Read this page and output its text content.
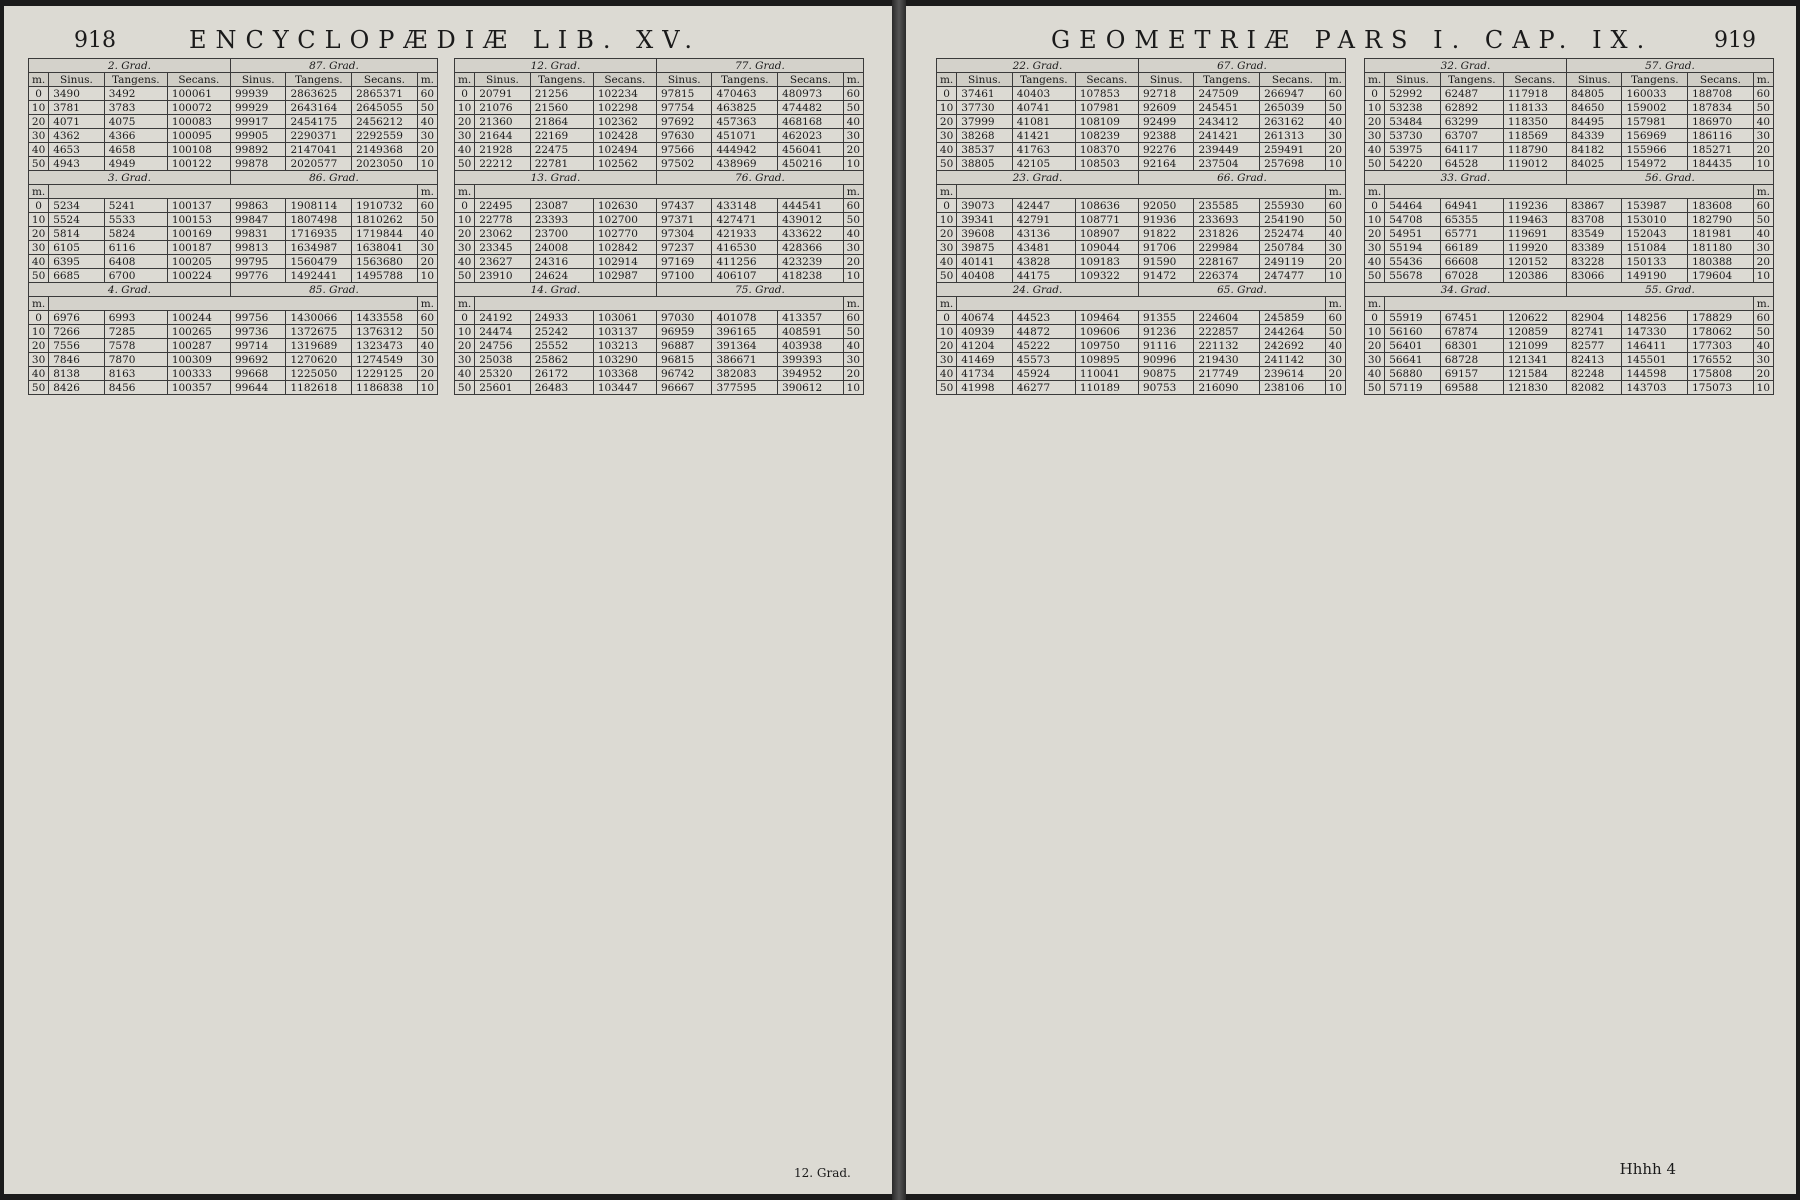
918	ENCYCLOPÆDIÆ LIB. XV.
2. Grad.				87. Grad.			
m.	Sinus.	Tangens.	Secans.	Sinus.	Tangens.	Secans.	m.
0	3490	3492	100061	99939	2863625	2865371	60
10	3781	3783	100072	99929	2643164	2645055	50
20	4071	4075	100083	99917	2454175	2456212	40
30	4362	4366	100095	99905	2290371	2292559	30
40	4653	4658	100108	99892	2147041	2149368	20
50	4943	4949	100122	99878	2020577	2023050	10
3. Grad.				86. Grad.			
m.							m.
0	5234	5241	100137	99863	1908114	1910732	60
10	5524	5533	100153	99847	1807498	1810262	50
20	5814	5824	100169	99831	1716935	1719844	40
30	6105	6116	100187	99813	1634987	1638041	30
40	6395	6408	100205	99795	1560479	1563680	20
50	6685	6700	100224	99776	1492441	1495788	10
4. Grad.				85. Grad.			
m.							m.
0	6976	6993	100244	99756	1430066	1433558	60
10	7266	7285	100265	99736	1372675	1376312	50
20	7556	7578	100287	99714	1319689	1323473	40
30	7846	7870	100309	99692	1270620	1274549	30
40	8138	8163	100333	99668	1225050	1229125	20
50	8426	8456	100357	99644	1182618	1186838	10
12. Grad.				77. Grad.			
m.	Sinus.	Tangens.	Secans.	Sinus.	Tangens.	Secans.	m.
0	20791	21256	102234	97815	470463	480973	60
10	21076	21560	102298	97754	463825	474482	50
20	21360	21864	102362	97692	457363	468168	40
30	21644	22169	102428	97630	451071	462023	30
40	21928	22475	102494	97566	444942	456041	20
50	22212	22781	102562	97502	438969	450216	10
13. Grad.				76. Grad.			
m.							m.
0	22495	23087	102630	97437	433148	444541	60
10	22778	23393	102700	97371	427471	439012	50
20	23062	23700	102770	97304	421933	433622	40
30	23345	24008	102842	97237	416530	428366	30
40	23627	24316	102914	97169	411256	423239	20
50	23910	24624	102987	97100	406107	418238	10
14. Grad.				75. Grad.			
m.							m.
0	24192	24933	103061	97030	401078	413357	60
10	24474	25242	103137	96959	396165	408591	50
20	24756	25552	103213	96887	391364	403938	40
30	25038	25862	103290	96815	386671	399393	30
40	25320	26172	103368	96742	382083	394952	20
50	25601	26483	103447	96667	377595	390612	10
12. Grad.
GEOMETRIÆ PARS I. CAP. IX.	919
22. Grad.				67. Grad.			
m.	Sinus.	Tangens.	Secans.	Sinus.	Tangens.	Secans.	m.
0	37461	40403	107853	92718	247509	266947	60
10	37730	40741	107981	92609	245451	265039	50
20	37999	41081	108109	92499	243412	263162	40
30	38268	41421	108239	92388	241421	261313	30
40	38537	41763	108370	92276	239449	259491	20
50	38805	42105	108503	92164	237504	257698	10
23. Grad.				66. Grad.			
m.							m.
0	39073	42447	108636	92050	235585	255930	60
10	39341	42791	108771	91936	233693	254190	50
20	39608	43136	108907	91822	231826	252474	40
30	39875	43481	109044	91706	229984	250784	30
40	40141	43828	109183	91590	228167	249119	20
50	40408	44175	109322	91472	226374	247477	10
24. Grad.				65. Grad.			
m.							m.
0	40674	44523	109464	91355	224604	245859	60
10	40939	44872	109606	91236	222857	244264	50
20	41204	45222	109750	91116	221132	242692	40
30	41469	45573	109895	90996	219430	241142	30
40	41734	45924	110041	90875	217749	239614	20
50	41998	46277	110189	90753	216090	238106	10
32. Grad.				57. Grad.			
m.	Sinus.	Tangens.	Secans.	Sinus.	Tangens.	Secans.	m.
0	52992	62487	117918	84805	160033	188708	60
10	53238	62892	118133	84650	159002	187834	50
20	53484	63299	118350	84495	157981	186970	40
30	53730	63707	118569	84339	156969	186116	30
40	53975	64117	118790	84182	155966	185271	20
50	54220	64528	119012	84025	154972	184435	10
33. Grad.				56. Grad.			
m.							m.
0	54464	64941	119236	83867	153987	183608	60
10	54708	65355	119463	83708	153010	182790	50
20	54951	65771	119691	83549	152043	181981	40
30	55194	66189	119920	83389	151084	181180	30
40	55436	66608	120152	83228	150133	180388	20
50	55678	67028	120386	83066	149190	179604	10
34. Grad.				55. Grad.			
m.							m.
0	55919	67451	120622	82904	148256	178829	60
10	56160	67874	120859	82741	147330	178062	50
20	56401	68301	121099	82577	146411	177303	40
30	56641	68728	121341	82413	145501	176552	30
40	56880	69157	121584	82248	144598	175808	20
50	57119	69588	121830	82082	143703	175073	10
Hhhh 4
